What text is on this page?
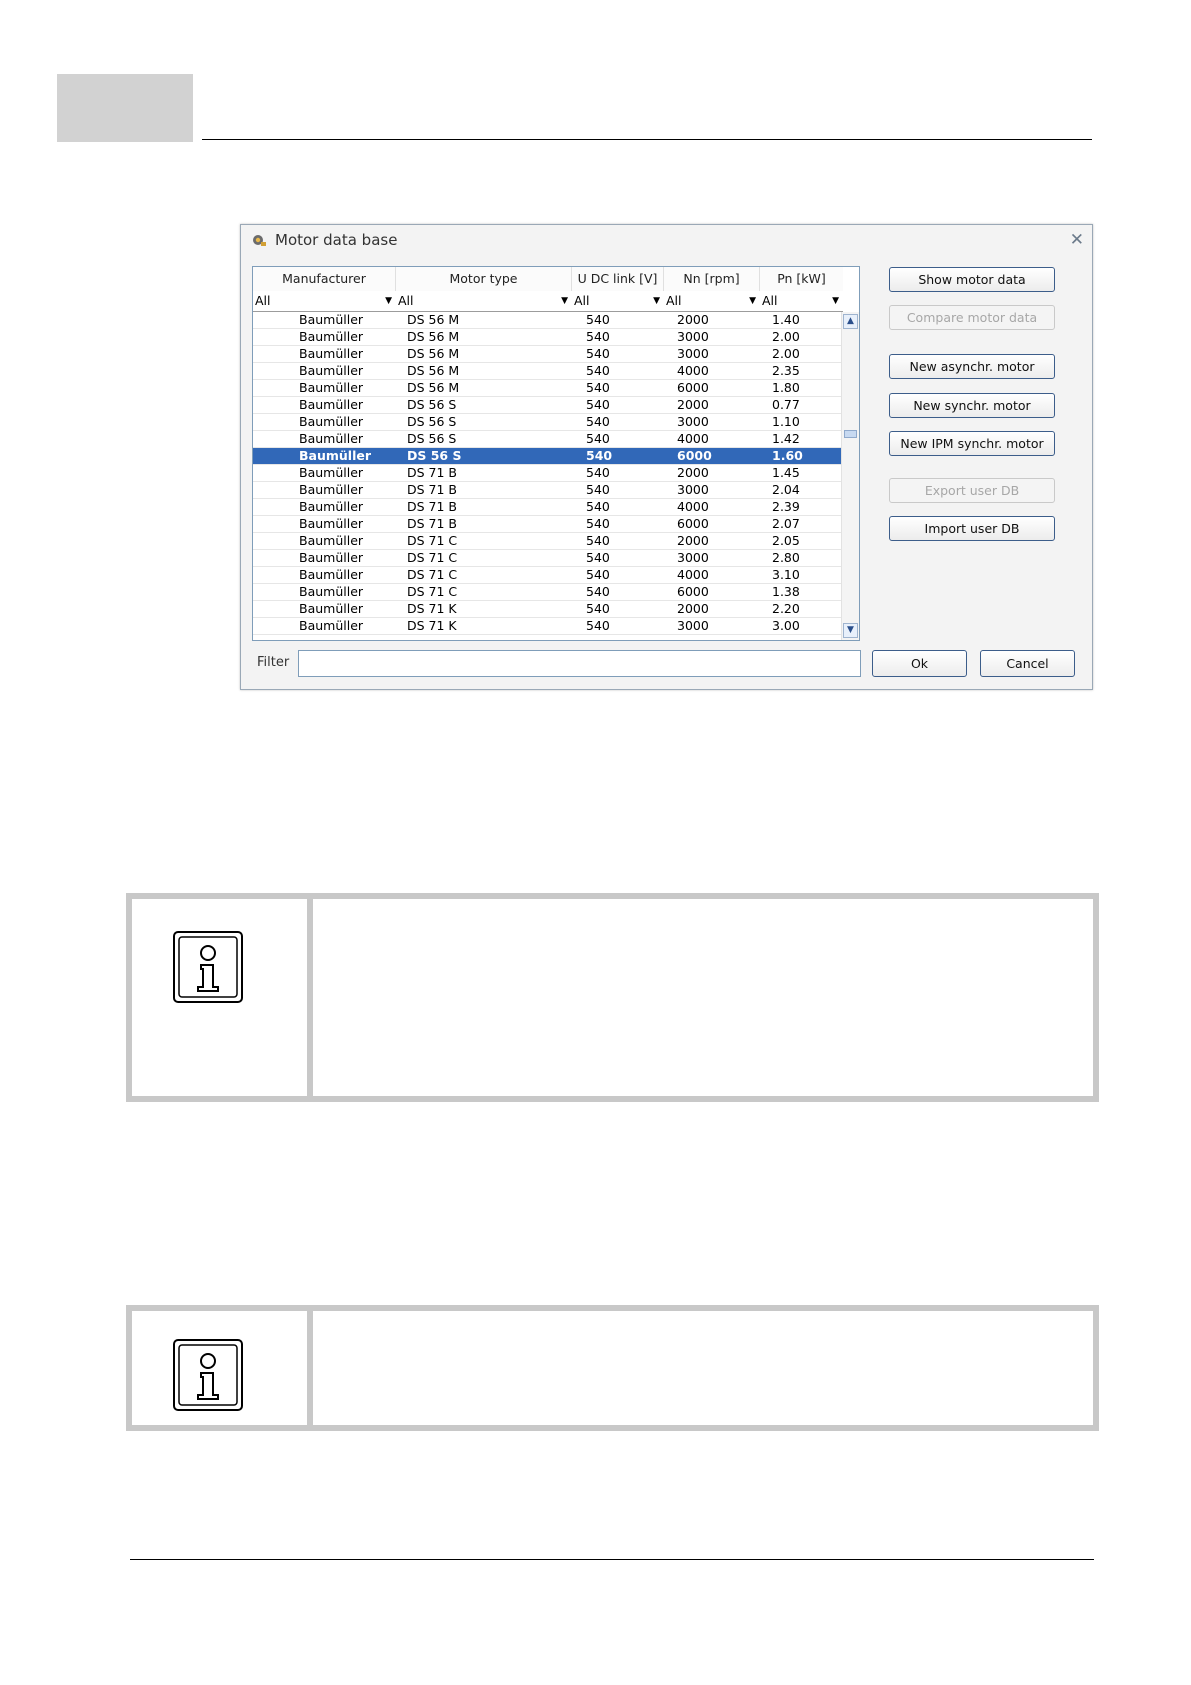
Motor data base	✕
Manufacturer	Motor type	U DC link [V]	Nn [rpm]	Pn [kW]
All	▼ All	▼ All	▼ All	▼ All	▼
Baumüller	DS 56 M	540	2000	1.40
Baumüller	DS 56 M	540	3000	2.00
Baumüller	DS 56 M	540	3000	2.00
Baumüller	DS 56 M	540	4000	2.35
Baumüller	DS 56 M	540	6000	1.80
Baumüller	DS 56 S	540	2000	0.77
Baumüller	DS 56 S	540	3000	1.10
Baumüller	DS 56 S	540	4000	1.42
Baumüller	DS 56 S	540	6000	1.60
Baumüller	DS 71 B	540	2000	1.45
Baumüller	DS 71 B	540	3000	2.04
Baumüller	DS 71 B	540	4000	2.39
Baumüller	DS 71 B	540	6000	2.07
Baumüller	DS 71 C	540	2000	2.05
Baumüller	DS 71 C	540	3000	2.80
Baumüller	DS 71 C	540	4000	3.10
Baumüller	DS 71 C	540	6000	1.38
Baumüller	DS 71 K	540	2000	2.20
Baumüller	DS 71 K	540	3000	3.00
▲
▼
Show motor data
Compare motor data
New asynchr. motor
New synchr. motor
New IPM synchr. motor
Export user DB
Import user DB
Filter	Ok	Cancel
